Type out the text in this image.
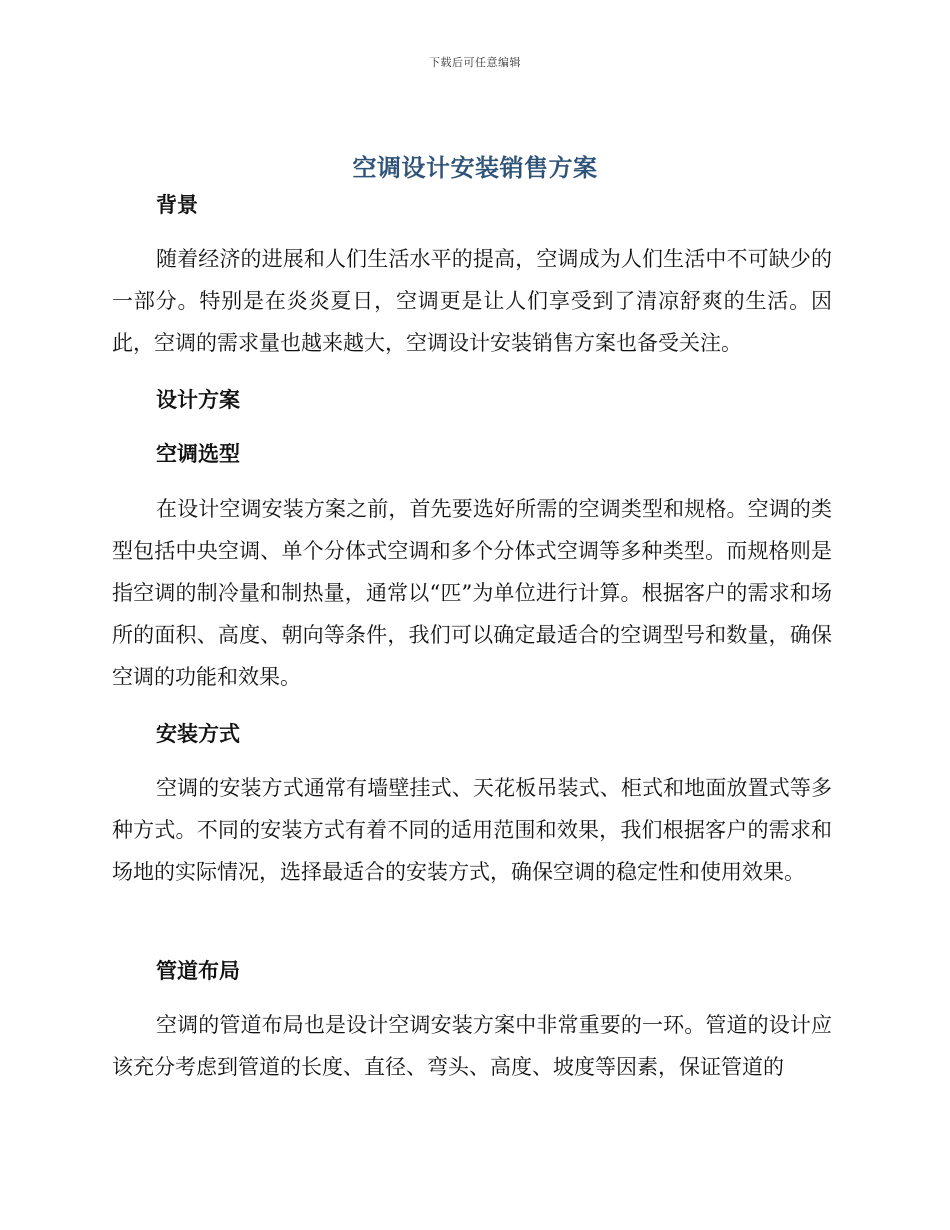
下载后可任意编辑
空调设计安装销售方案
背景

随着经济的进展和人们生活水平的提高，空调成为人们生活中不可缺少的一部分。特别是在炎炎夏日，空调更是让人们享受到了清凉舒爽的生活。因此，空调的需求量也越来越大，空调设计安装销售方案也备受关注。

设计方案
空调选型

在设计空调安装方案之前，首先要选好所需的空调类型和规格。空调的类型包括中央空调、单个分体式空调和多个分体式空调等多种类型。而规格则是指空调的制冷量和制热量，通常以“匹”为单位进行计算。根据客户的需求和场所的面积、高度、朝向等条件，我们可以确定最适合的空调型号和数量，确保空调的功能和效果。

安装方式

空调的安装方式通常有墙壁挂式、天花板吊装式、柜式和地面放置式等多种方式。不同的安装方式有着不同的适用范围和效果，我们根据客户的需求和场地的实际情况，选择最适合的安装方式，确保空调的稳定性和使用效果。

管道布局

空调的管道布局也是设计空调安装方案中非常重要的一环。管道的设计应该充分考虑到管道的长度、直径、弯头、高度、坡度等因素，保证管道的
